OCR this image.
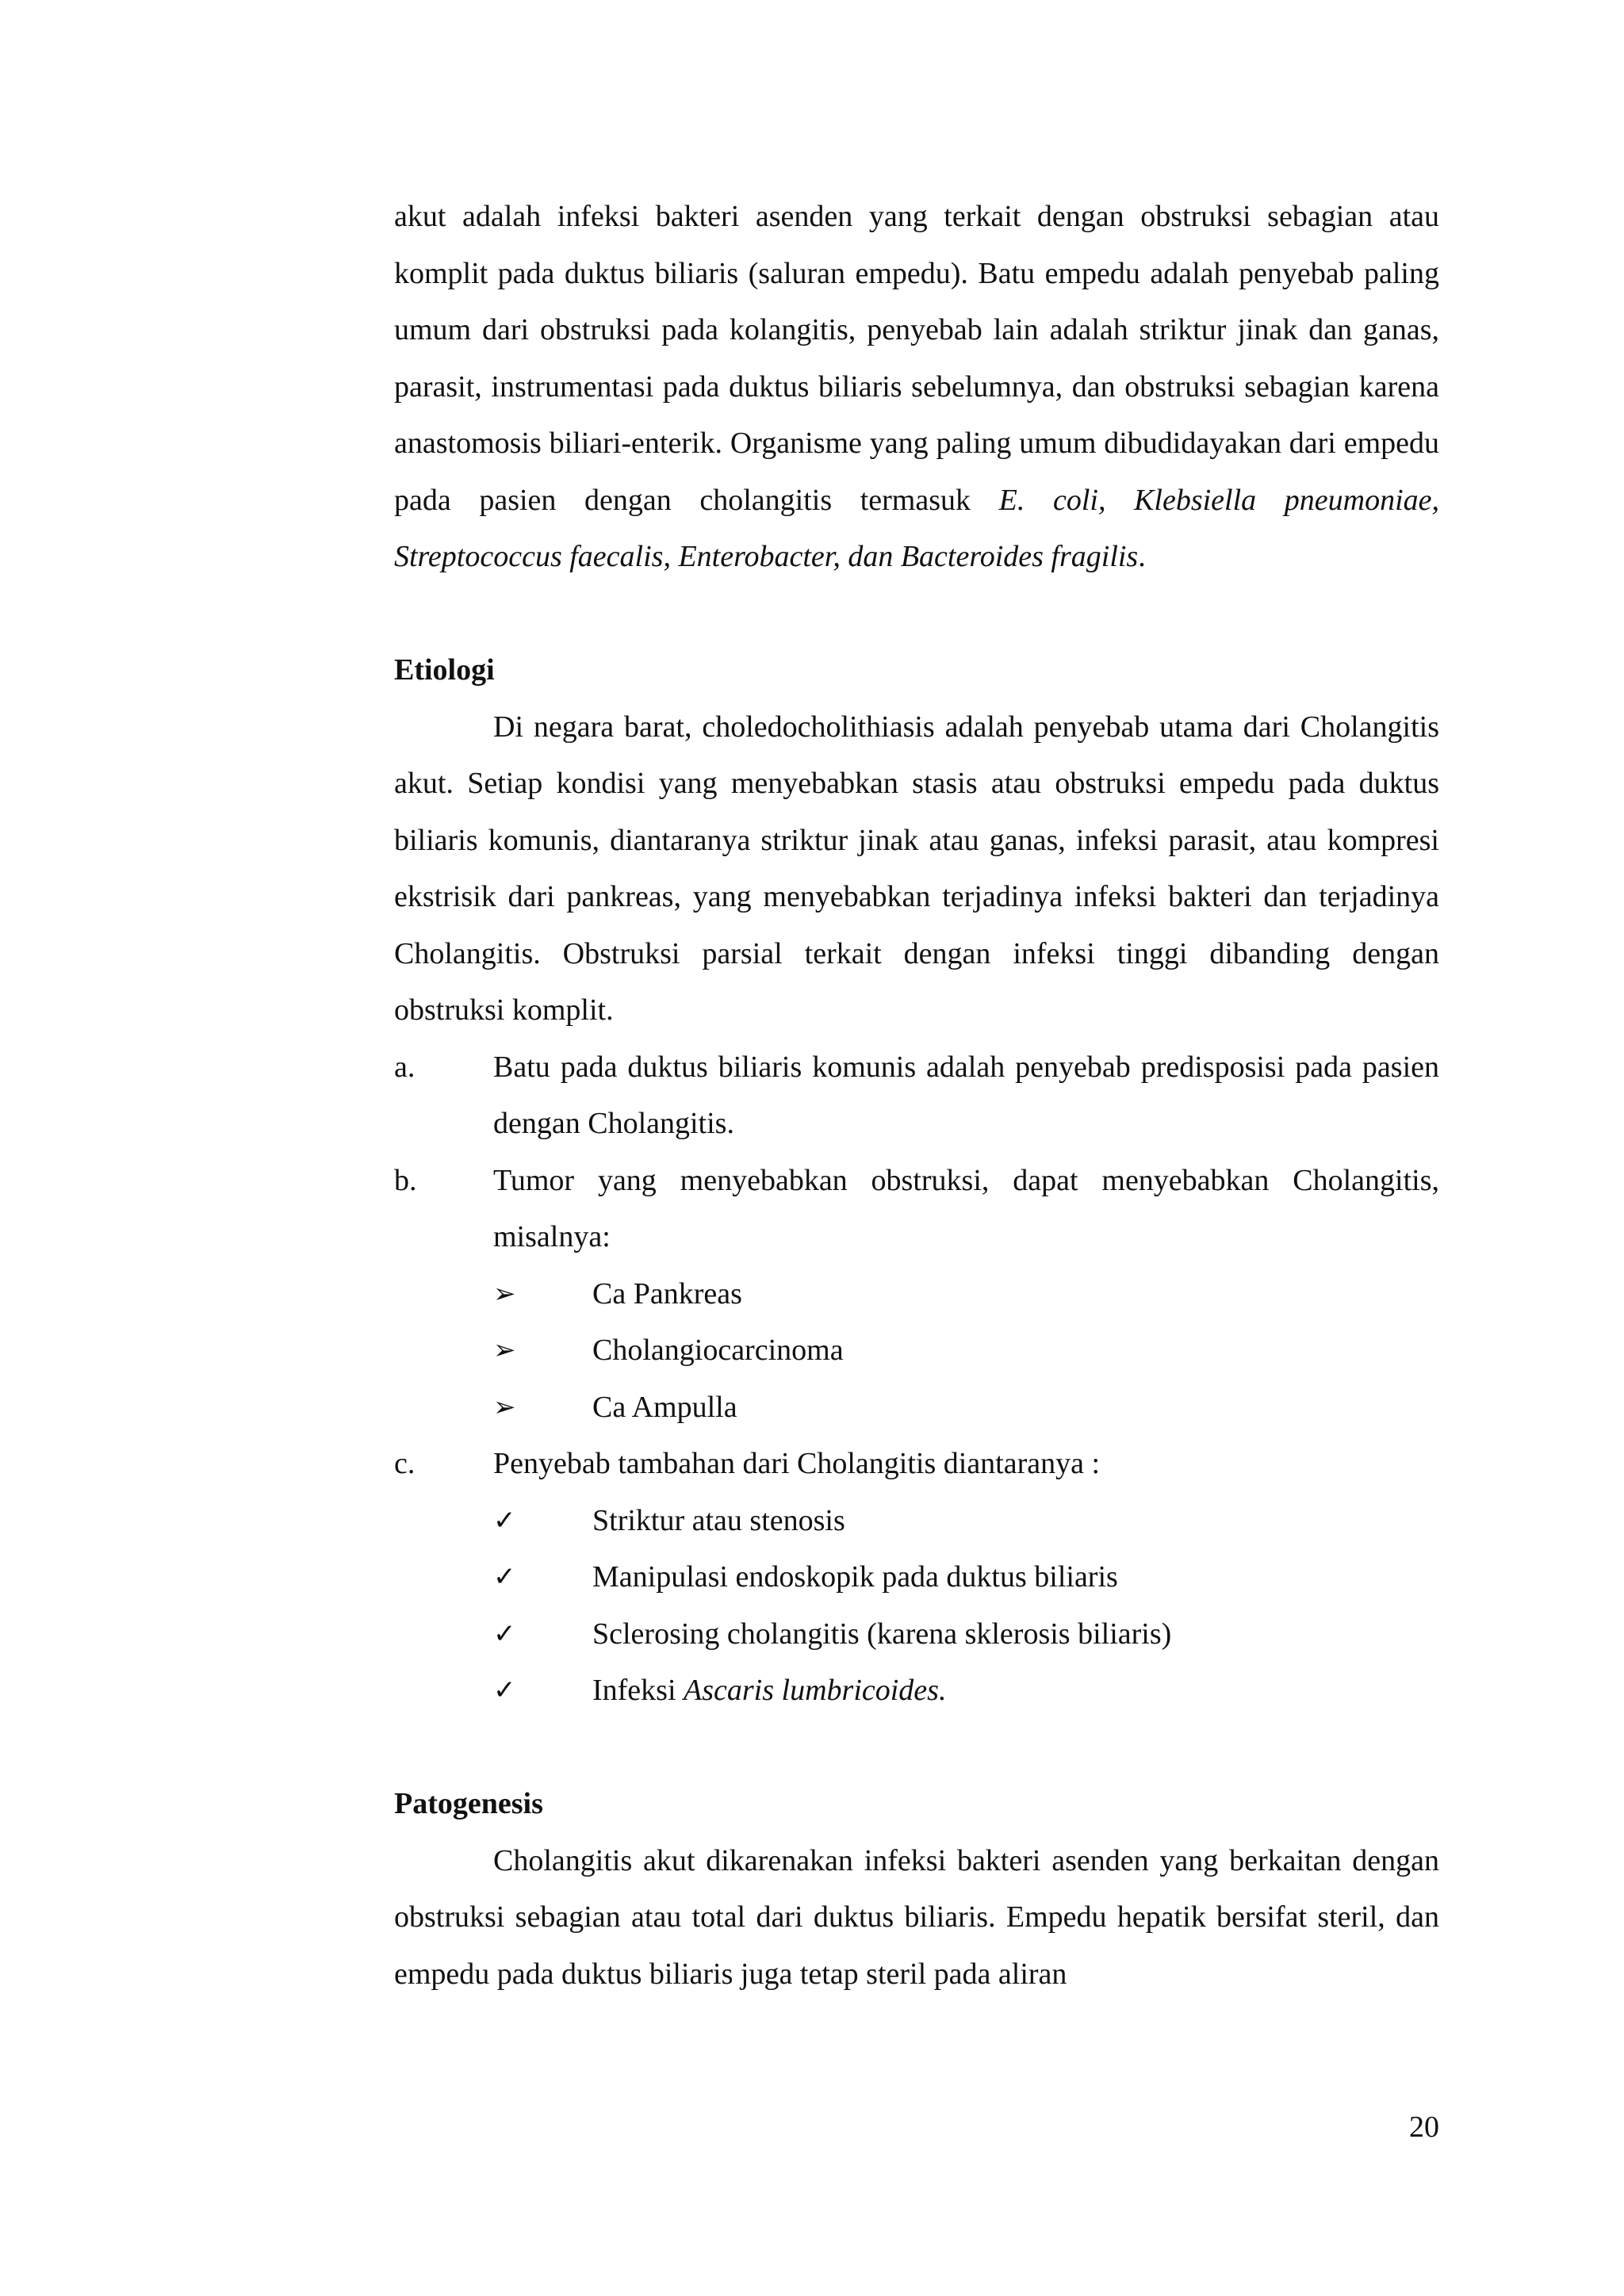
akut adalah infeksi bakteri asenden yang terkait dengan obstruksi sebagian atau komplit pada duktus biliaris (saluran empedu). Batu empedu adalah penyebab paling umum dari obstruksi pada kolangitis, penyebab lain adalah striktur jinak dan ganas, parasit, instrumentasi pada duktus biliaris sebelumnya, dan obstruksi sebagian karena anastomosis biliari-enterik. Organisme yang paling umum dibudidayakan dari empedu pada pasien dengan cholangitis termasuk E. coli, Klebsiella pneumoniae, Streptococcus faecalis, Enterobacter, dan Bacteroides fragilis.

Etiologi

Di negara barat, choledocholithiasis adalah penyebab utama dari Cholangitis akut. Setiap kondisi yang menyebabkan stasis atau obstruksi empedu pada duktus biliaris komunis, diantaranya striktur jinak atau ganas, infeksi parasit, atau kompresi ekstrisik dari pankreas, yang menyebabkan terjadinya infeksi bakteri dan terjadinya Cholangitis. Obstruksi parsial terkait dengan infeksi tinggi dibanding dengan obstruksi komplit.

a.	Batu pada duktus biliaris komunis adalah penyebab predisposisi pada pasien dengan Cholangitis.
b.	Tumor yang menyebabkan obstruksi, dapat menyebabkan Cholangitis, misalnya:
➢	Ca Pankreas
➢	Cholangiocarcinoma
➢	Ca Ampulla
c.	Penyebab tambahan dari Cholangitis diantaranya :
✓	Striktur atau stenosis
✓	Manipulasi endoskopik pada duktus biliaris
✓	Sclerosing cholangitis (karena sklerosis biliaris)
✓	Infeksi Ascaris lumbricoides.

Patogenesis

Cholangitis akut dikarenakan infeksi bakteri asenden yang berkaitan dengan obstruksi sebagian atau total dari duktus biliaris. Empedu hepatik bersifat steril, dan empedu pada duktus biliaris juga tetap steril pada aliran

20
